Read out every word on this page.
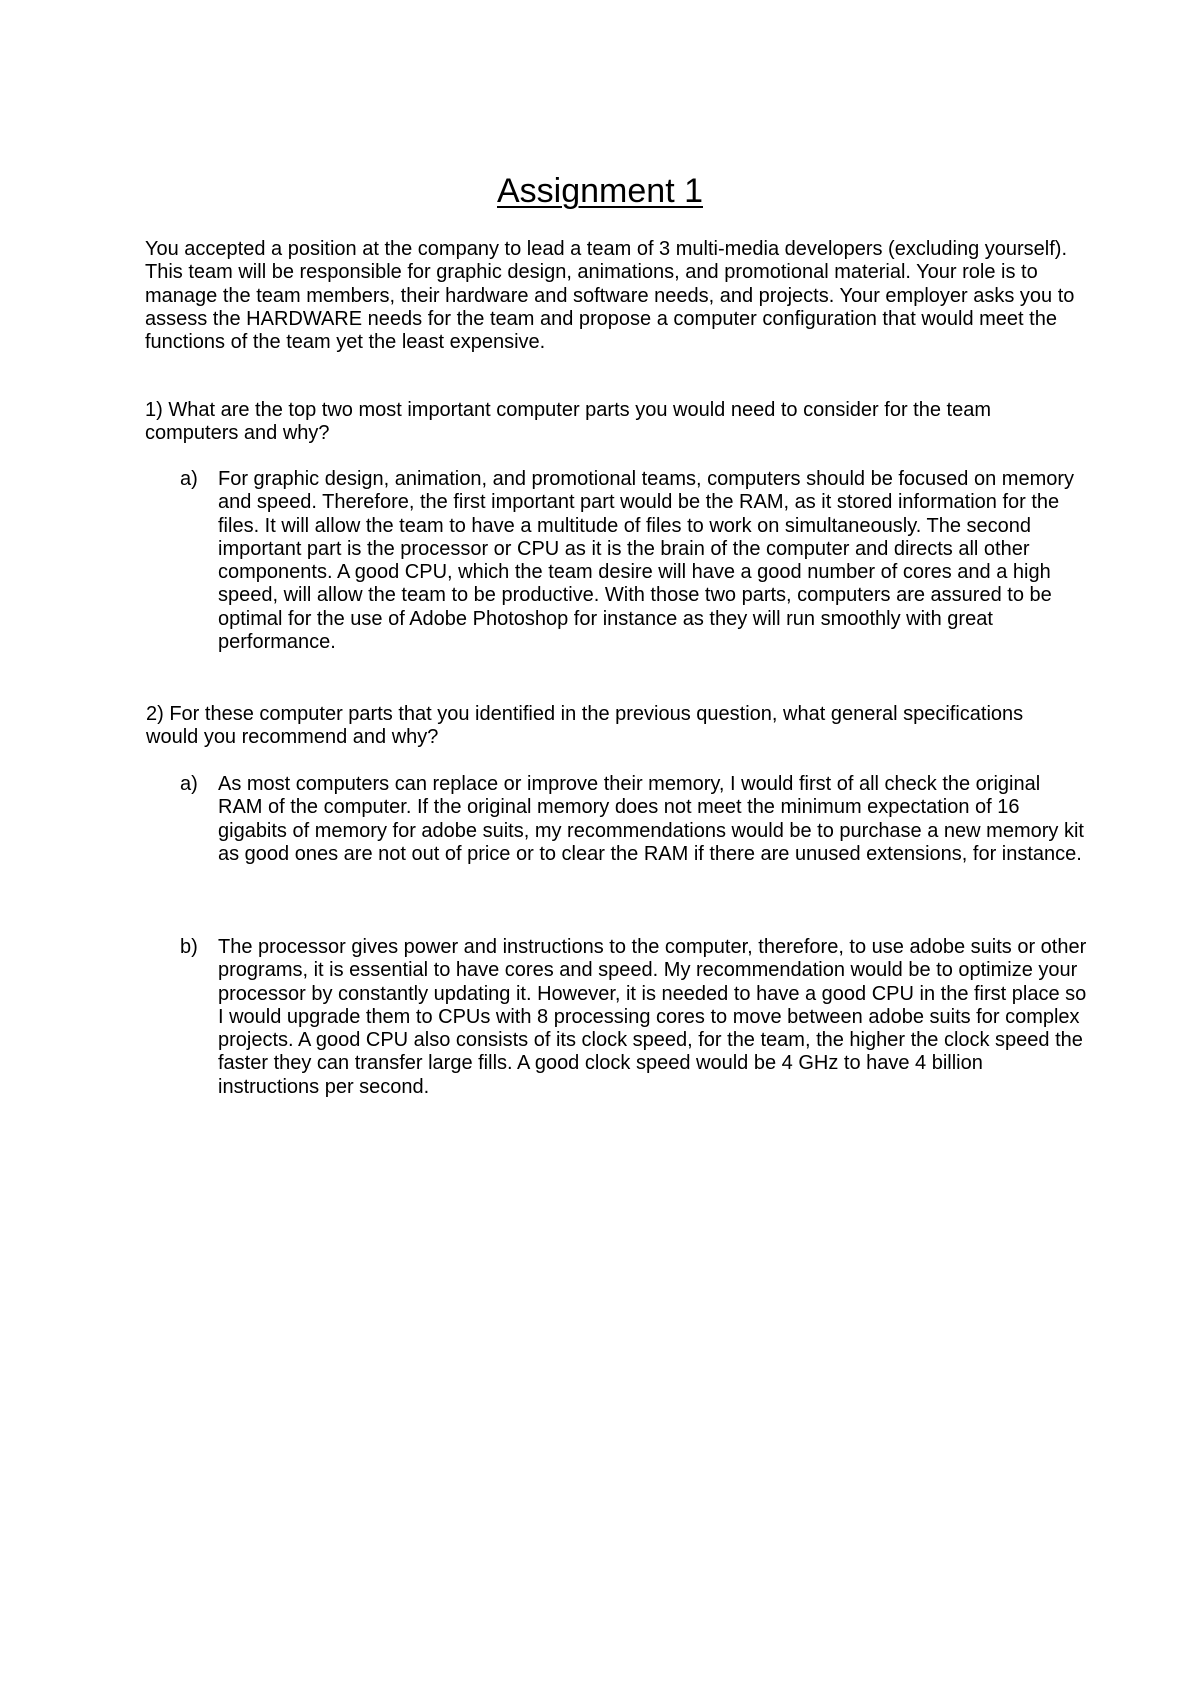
Assignment 1

You accepted a position at the company to lead a team of 3 multi-media developers (excluding yourself). This team will be responsible for graphic design, animations, and promotional material. Your role is to manage the team members, their hardware and software needs, and projects. Your employer asks you to assess the HARDWARE needs for the team and propose a computer configuration that would meet the functions of the team yet the least expensive.

1) What are the top two most important computer parts you would need to consider for the team computers and why?

a) For graphic design, animation, and promotional teams, computers should be focused on memory and speed. Therefore, the first important part would be the RAM, as it stored information for the files. It will allow the team to have a multitude of files to work on simultaneously. The second important part is the processor or CPU as it is the brain of the computer and directs all other components. A good CPU, which the team desire will have a good number of cores and a high speed, will allow the team to be productive. With those two parts, computers are assured to be optimal for the use of Adobe Photoshop for instance as they will run smoothly with great performance.

2) For these computer parts that you identified in the previous question, what general specifications would you recommend and why?

a) As most computers can replace or improve their memory, I would first of all check the original RAM of the computer. If the original memory does not meet the minimum expectation of 16 gigabits of memory for adobe suits, my recommendations would be to purchase a new memory kit as good ones are not out of price or to clear the RAM if there are unused extensions, for instance.

b) The processor gives power and instructions to the computer, therefore, to use adobe suits or other programs, it is essential to have cores and speed. My recommendation would be to optimize your processor by constantly updating it. However, it is needed to have a good CPU in the first place so I would upgrade them to CPUs with 8 processing cores to move between adobe suits for complex projects. A good CPU also consists of its clock speed, for the team, the higher the clock speed the faster they can transfer large fills. A good clock speed would be 4 GHz to have 4 billion instructions per second.
